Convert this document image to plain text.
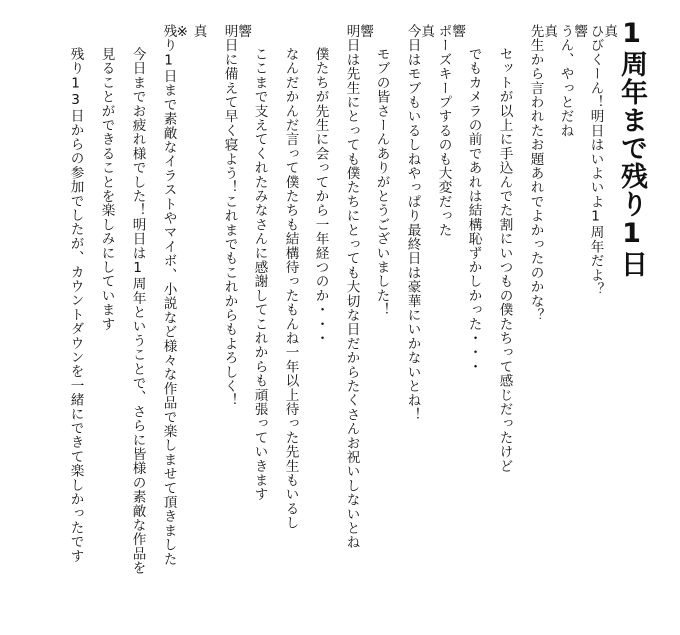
1周年まで残り1日
真
ひびくーん！明日はいよいよ1周年だよ？
響
うん、やっとだね
真
先生から言われたお題あれでよかったのかな？
セットが以上に手込んでた割にいつもの僕たちって感じだったけど
でもカメラの前であれは結構恥ずかしかった・・・
響
ポーズキープするのも大変だった
真
今日はモブもいるしねやっぱり最終日は豪華にいかないとね！
モブの皆さーんありがとうございました！
響
明日は先生にとっても僕たちにとっても大切な日だからたくさんお祝いしないとね
僕たちが先生に会ってから一年経つのか・・・
なんだかんだ言って僕たちも結構待ったもんね一年以上待った先生もいるし
ここまで支えてくれたみなさんに感謝してこれからも頑張っていきます
響
明日に備えて早く寝よう！これまでもこれからもよろしく！
真
※
残り1日まで素敵なイラストやマイボ、小説など様々な作品で楽しませて頂きました
今日までお疲れ様でした！明日は1周年ということで、さらに皆様の素敵な作品を
見ることができることを楽しみにしています
残り13日からの参加でしたが、カウントダウンを一緒にできて楽しかったです
